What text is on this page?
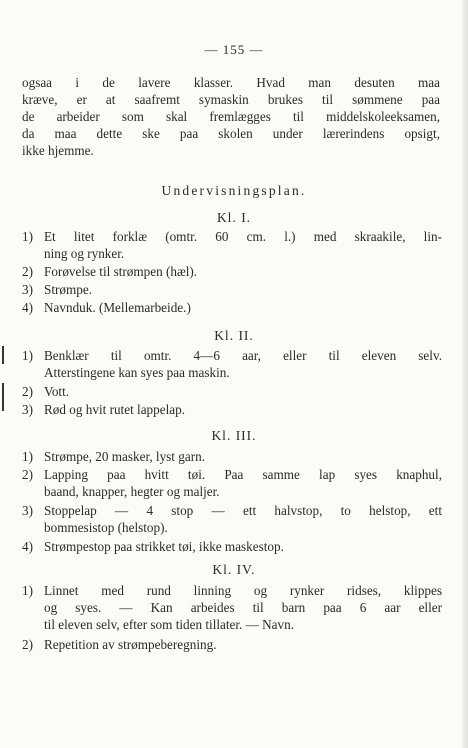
— 155 —
ogsaa i de lavere klasser. Hvad man desuten maa
kræve, er at saafremt symaskin brukes til sømmene paa
de arbeider som skal fremlægges til middelskoleeksamen,
da maa dette ske paa skolen under lærerindens opsigt,
ikke hjemme.
Undervisningsplan.
Kl. I.
1) Et litet forklæ (omtr. 60 cm. l.) med skraakile, lin-
ning og rynker.
2) Forøvelse til strømpen (hæl).
3) Strømpe.
4) Navnduk. (Mellemarbeide.)
Kl. II.
1) Benklær til omtr. 4—6 aar, eller til eleven selv.
Atterstingene kan syes paa maskin.
2) Vott.
3) Rød og hvit rutet lappelap.
Kl. III.
1) Strømpe, 20 masker, lyst garn.
2) Lapping paa hvitt tøi. Paa samme lap syes knaphul,
baand, knapper, hegter og maljer.
3) Stoppelap — 4 stop — ett halvstop, to helstop, ett
bommesistop (helstop).
4) Strømpestop paa strikket tøi, ikke maskestop.
Kl. IV.
1) Linnet med rund linning og rynker ridses, klippes
og syes. — Kan arbeides til barn paa 6 aar eller
til eleven selv, efter som tiden tillater. — Navn.
2) Repetition av strømpeberegning.
